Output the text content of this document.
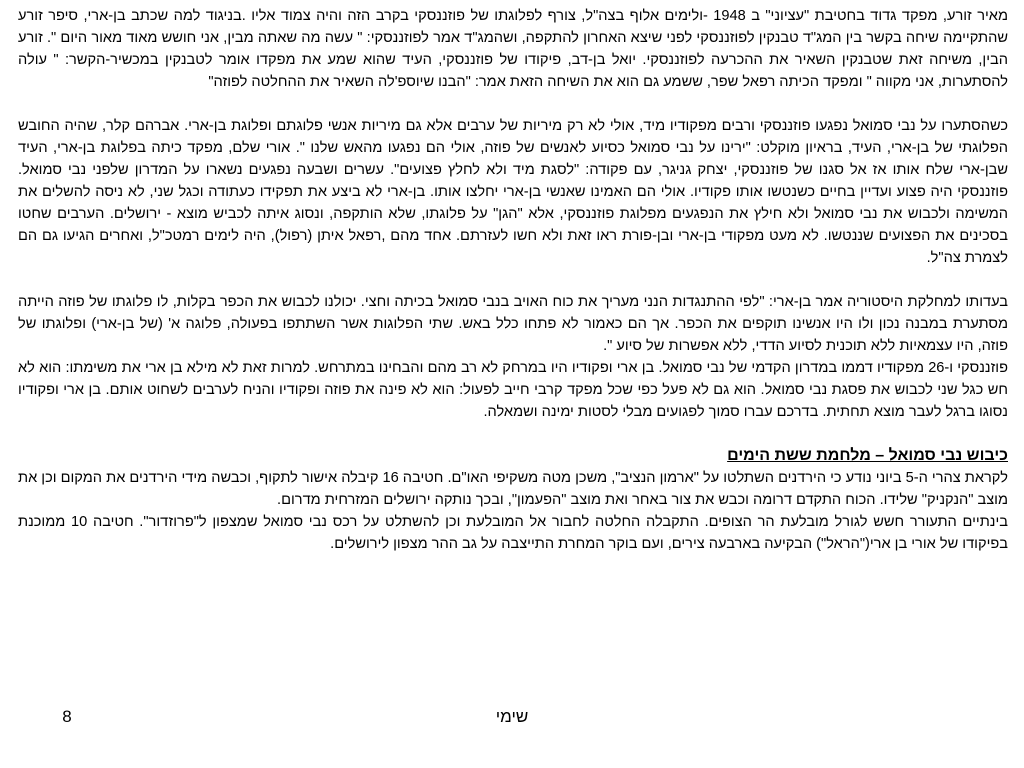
מאיר זורע, מפקד גדוד בחטיבת "עציוני" ב 1948 -ולימים אלוף בצה"ל, צורף לפלוגתו של פוזננסקי בקרב הזה והיה צמוד אליו .בניגוד למה שכתב בן-ארי, סיפר זורע שהתקיימה שיחה בקשר בין המג"ד טבנקין לפוזננסקי לפני שיצא האחרון להתקפה, ושהמג"ד אמר לפוזננסקי: " עשה מה שאתה מבין, אני חושש מאוד מאור היום ". זורע הבין, משיחה זאת שטבנקין השאיר את ההכרעה לפוזננסקי. יואל בן-דב, פיקודו של פוזננסקי, העיד שהוא שמע את מפקדו אומר לטבנקין במכשיר-הקשר: " עולה להסתערות, אני מקווה " ומפקד הכיתה רפאל שפר, ששמע גם הוא את השיחה הזאת אמר: "הבנו שיוספ'לה השאיר את ההחלטה לפוזה"

כשהסתערו על נבי סמואל נפגעו פוזננסקי ורבים מפקודיו מיד, אולי לא רק מיריות של ערבים אלא גם מיריות אנשי פלוגתם ופלוגת בן-ארי. אברהם קלר, שהיה החובש הפלוגתי של בן-ארי, העיד, בראיון מוקלט: "ירינו על נבי סמואל כסיוע לאנשים של פוזה, אולי הם נפגעו מהאש שלנו ". אורי שלם, מפקד כיתה בפלוגת בן-ארי, העיד שבן-ארי שלח אותו אז אל סגנו של פוזננסקי, יצחק גניגר, עם פקודה: "לסגת מיד ולא לחלץ פצועים". עשרים ושבעה נפגעים נשארו על המדרון שלפני נבי סמואל. פוזננסקי היה פצוע ועדיין בחיים כשנטשו אותו פקודיו. אולי הם האמינו שאנשי בן-ארי יחלצו אותו. בן-ארי לא ביצע את תפקידו כעתודה וכגל שני, לא ניסה להשלים את המשימה ולכבוש את נבי סמואל ולא חילץ את הנפגעים מפלוגת פוזננסקי, אלא "הגן" על פלוגתו, שלא הותקפה, ונסוג איתה לכביש מוצא - ירושלים. הערבים שחטו בסכינים את הפצועים שננטשו. לא מעט מפקודי בן-ארי ובן-פורת ראו זאת ולא חשו לעזרתם. אחד מהם ,רפאל איתן (רפול), היה לימים רמטכ"ל, ואחרים הגיעו גם הם לצמרת צה"ל.

בעדותו למחלקת היסטוריה אמר בן-ארי: "לפי ההתנגדות הנני מעריך את כוח האויב בנבי סמואל בכיתה וחצי. יכולנו לכבוש את הכפר בקלות, לו פלוגתו של פוזה הייתה מסתערת במבנה נכון ולו היו אנשינו תוקפים את הכפר. אך הם כאמור לא פתחו כלל באש. שתי הפלוגות אשר השתתפו בפעולה, פלוגה א' (של בן-ארי) ופלוגתו של פוזה, היו עצמאיות ללא תוכנית לסיוע הדדי, ללא אפשרות של סיוע ".

פוזננסקי ו-26 מפקודיו דממו במדרון הקדמי של נבי סמואל. בן ארי ופקודיו היו במרחק לא רב מהם והבחינו במתרחש. למרות זאת לא מילא בן ארי את משימתו: הוא לא חש כגל שני לכבוש את פסגת נבי סמואל. הוא גם לא פעל כפי שכל מפקד קרבי חייב לפעול: הוא לא פינה את פוזה ופקודיו והניח לערבים לשחוט אותם. בן ארי ופקודיו נסוגו ברגל לעבר מוצא תחתית. בדרכם עברו סמוך לפגועים מבלי לסטות ימינה ושמאלה.

כיבוש נבי סמואל – מלחמת ששת הימים

לקראת צהרי ה-5 ביוני נודע כי הירדנים השתלטו על "ארמון הנציב", משכן מטה משקיפי האו"ם. חטיבה 16 קיבלה אישור לתקוף, וכבשה מידי הירדנים את המקום וכן את מוצב "הנקניק" שלידו. הכוח התקדם דרומה וכבש את צור באחר ואת מוצב "הפעמון", ובכך נותקה ירושלים המזרחית מדרום.

בינתיים התעורר חשש לגורל מובלעת הר הצופים. התקבלה החלטה לחבור אל המובלעת וכן להשתלט על רכס נבי סמואל שמצפון ל"פרוזדור". חטיבה 10 ממוכנת בפיקודו של אורי בן ארי("הראל") הבקיעה בארבעה צירים, ועם בוקר המחרת התייצבה על גב ההר מצפון לירושלים.

שימי
8
